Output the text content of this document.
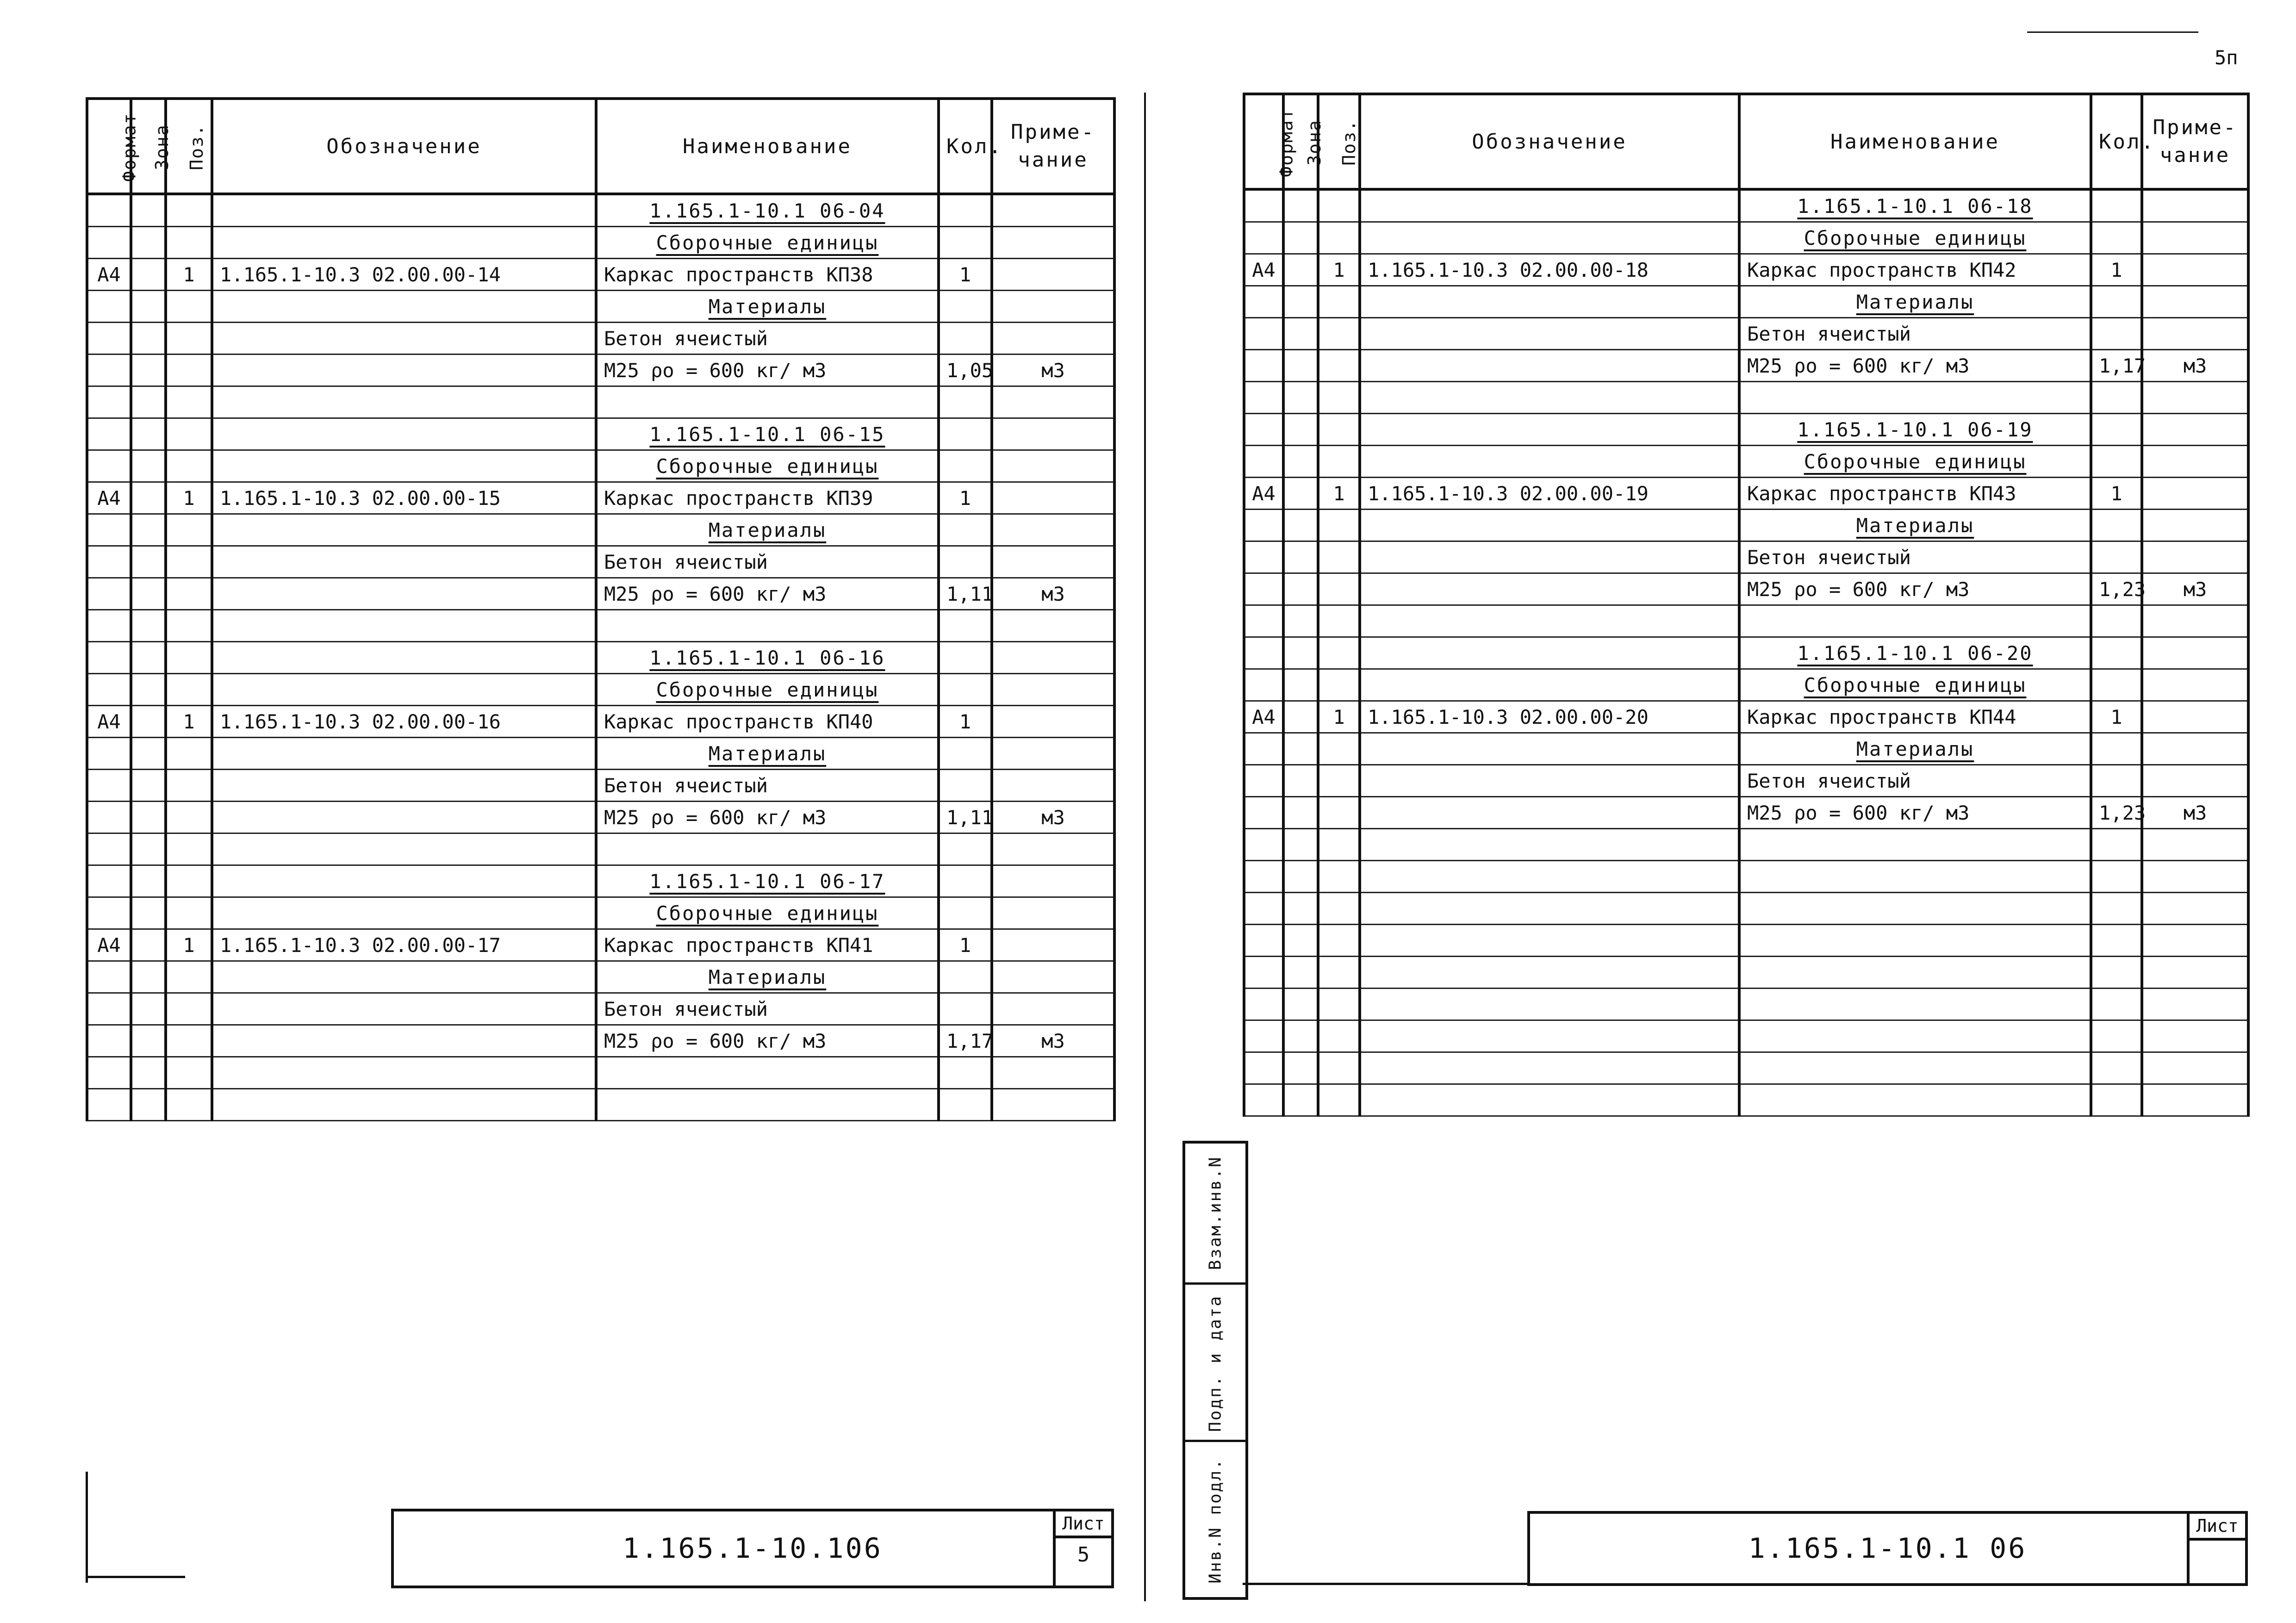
Формат	Зона	Поз.	Обозначение	Наименование	Кол.	Приме-чание
				1.165.1-10.1 06-04		
				Сборочные единицы		
А4		1	1.165.1-10.3 02.00.00-14	Каркас пространств КП38	1	
				Материалы		
				Бетон ячеистый		
				М25 ρо = 600 кг/ м3	1,05	м3

				1.165.1-10.1 06-15		
				Сборочные единицы		
А4		1	1.165.1-10.3 02.00.00-15	Каркас пространств КП39	1	
				Материалы		
				Бетон ячеистый		
				М25 ρо = 600 кг/ м3	1,11	м3

				1.165.1-10.1 06-16		
				Сборочные единицы		
А4		1	1.165.1-10.3 02.00.00-16	Каркас пространств КП40	1	
				Материалы		
				Бетон ячеистый		
				М25 ρо = 600 кг/ м3	1,11	м3

				1.165.1-10.1 06-17		
				Сборочные единицы		
А4		1	1.165.1-10.3 02.00.00-17	Каркас пространств КП41	1	
				Материалы		
				Бетон ячеистый		
				М25 ρо = 600 кг/ м3	1,17	м3

1.165.1-10.106
Лист
5
5п
Формат	Зона	Поз.	Обозначение	Наименование	Кол.	Приме-чание
				1.165.1-10.1 06-18		
				Сборочные единицы		
А4		1	1.165.1-10.3 02.00.00-18	Каркас пространств КП42	1	
				Материалы		
				Бетон ячеистый		
				М25 ρо = 600 кг/ м3	1,17	м3

				1.165.1-10.1 06-19		
				Сборочные единицы		
А4		1	1.165.1-10.3 02.00.00-19	Каркас пространств КП43	1	
				Материалы		
				Бетон ячеистый		
				М25 ρо = 600 кг/ м3	1,23	м3

				1.165.1-10.1 06-20		
				Сборочные единицы		
А4		1	1.165.1-10.3 02.00.00-20	Каркас пространств КП44	1	
				Материалы		
				Бетон ячеистый		
				М25 ρо = 600 кг/ м3	1,23	м3

Взам.инв.N
Подп. и дата
Инв.N подл.	1.165.1-10.1 06
Лист
